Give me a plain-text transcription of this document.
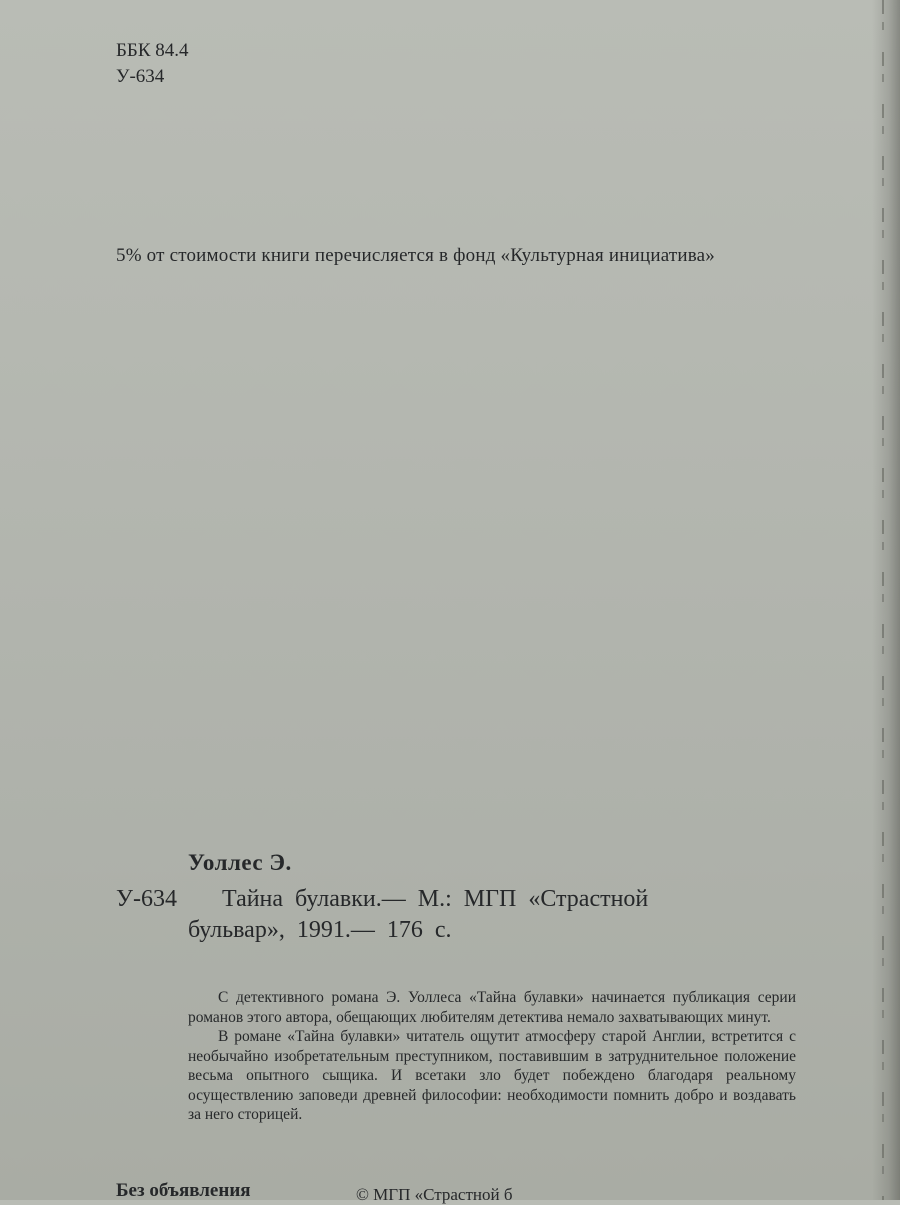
ББК 84.4
У-634
5% от стоимости книги перечисляется в фонд «Культурная инициатива»
Уоллес Э.
У-634 Тайна булавки.— М.: МГП «Страстной
бульвар», 1991.— 176 с.

С детективного романа Э. Уоллеса «Тайна булавки» начинается публикация серии романов этого автора, обещающих любителям детектива немало захватывающих минут.

В романе «Тайна булавки» читатель ощутит атмосферу старой Англии, встретится с необычайно изобретательным преступником, поставившим в затруднительное положение весьма опытного сыщика. И всетаки зло будет побеждено благодаря реальному осуществлению заповеди древней философии: необходимости помнить добро и воздавать за него сторицей.

Без объявления	© МГП «Страстной б
